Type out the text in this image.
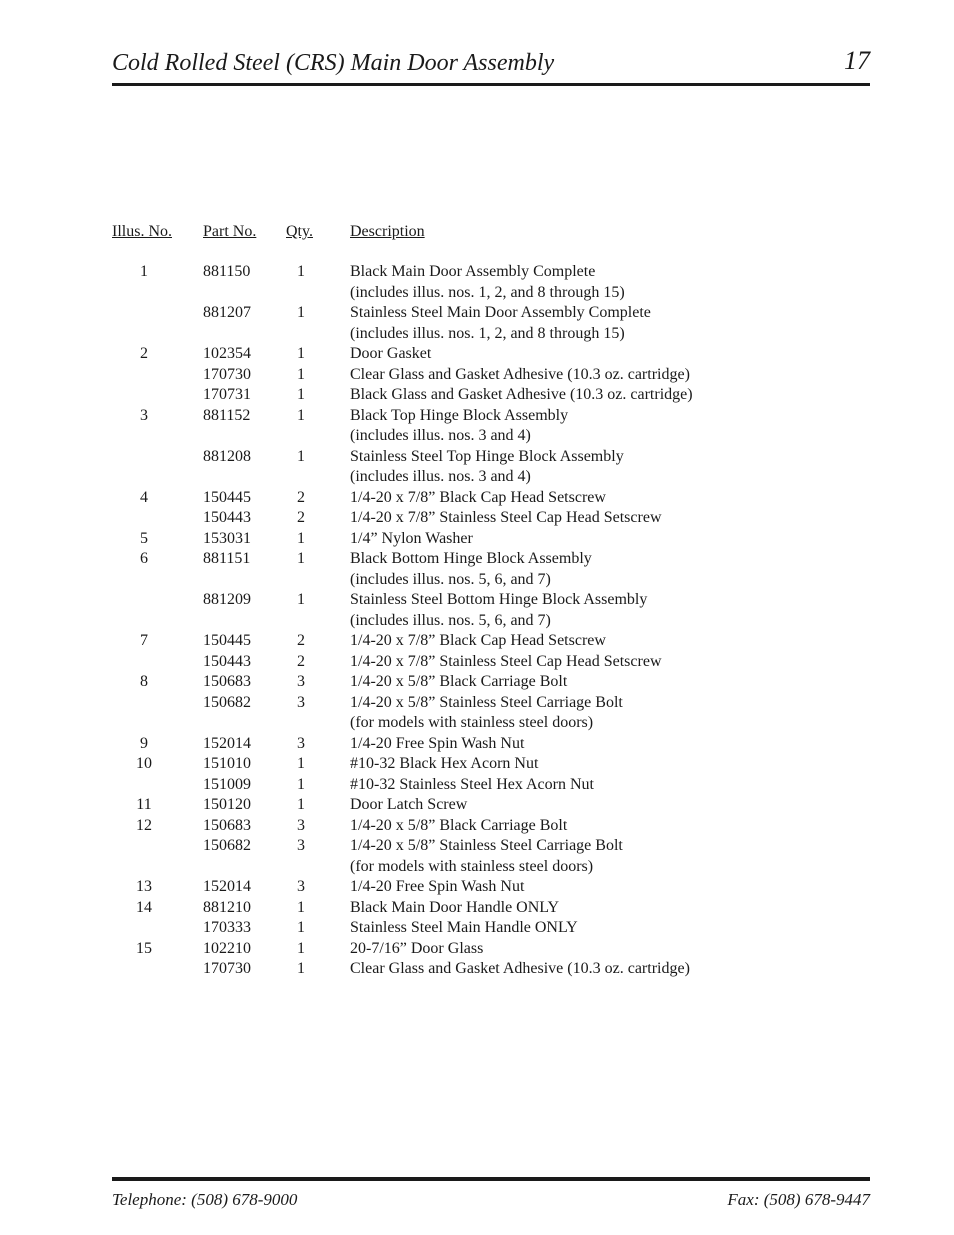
Cold Rolled Steel (CRS) Main Door Assembly	17
Illus. No. Part No. Qty. Description
1	881150	1	Black Main Door Assembly Complete
(includes illus. nos. 1, 2, and 8 through 15)
881207	1	Stainless Steel Main Door Assembly Complete
(includes illus. nos. 1, 2, and 8 through 15)
2	102354	1	Door Gasket
170730	1	Clear Glass and Gasket Adhesive (10.3 oz. cartridge)
170731	1	Black Glass and Gasket Adhesive (10.3 oz. cartridge)
3	881152	1	Black Top Hinge Block Assembly
(includes illus. nos. 3 and 4)
881208	1	Stainless Steel Top Hinge Block Assembly
(includes illus. nos. 3 and 4)
4	150445	2	1/4-20 x 7/8” Black Cap Head Setscrew
150443	2	1/4-20 x 7/8” Stainless Steel Cap Head Setscrew
5	153031	1	1/4” Nylon Washer
6	881151	1	Black Bottom Hinge Block Assembly
(includes illus. nos. 5, 6, and 7)
881209	1	Stainless Steel Bottom Hinge Block Assembly
(includes illus. nos. 5, 6, and 7)
7	150445	2	1/4-20 x 7/8” Black Cap Head Setscrew
150443	2	1/4-20 x 7/8” Stainless Steel Cap Head Setscrew
8	150683	3	1/4-20 x 5/8” Black Carriage Bolt
150682	3	1/4-20 x 5/8” Stainless Steel Carriage Bolt
(for models with stainless steel doors)
9	152014	3	1/4-20 Free Spin Wash Nut
10	151010	1	#10-32 Black Hex Acorn Nut
151009	1	#10-32 Stainless Steel Hex Acorn Nut
11	150120	1	Door Latch Screw
12	150683	3	1/4-20 x 5/8” Black Carriage Bolt
150682	3	1/4-20 x 5/8” Stainless Steel Carriage Bolt
(for models with stainless steel doors)
13	152014	3	1/4-20 Free Spin Wash Nut
14	881210	1	Black Main Door Handle ONLY
170333	1	Stainless Steel Main Handle ONLY
15	102210	1	20-7/16” Door Glass
170730	1	Clear Glass and Gasket Adhesive (10.3 oz. cartridge)
Telephone: (508) 678-9000	Fax: (508) 678-9447
